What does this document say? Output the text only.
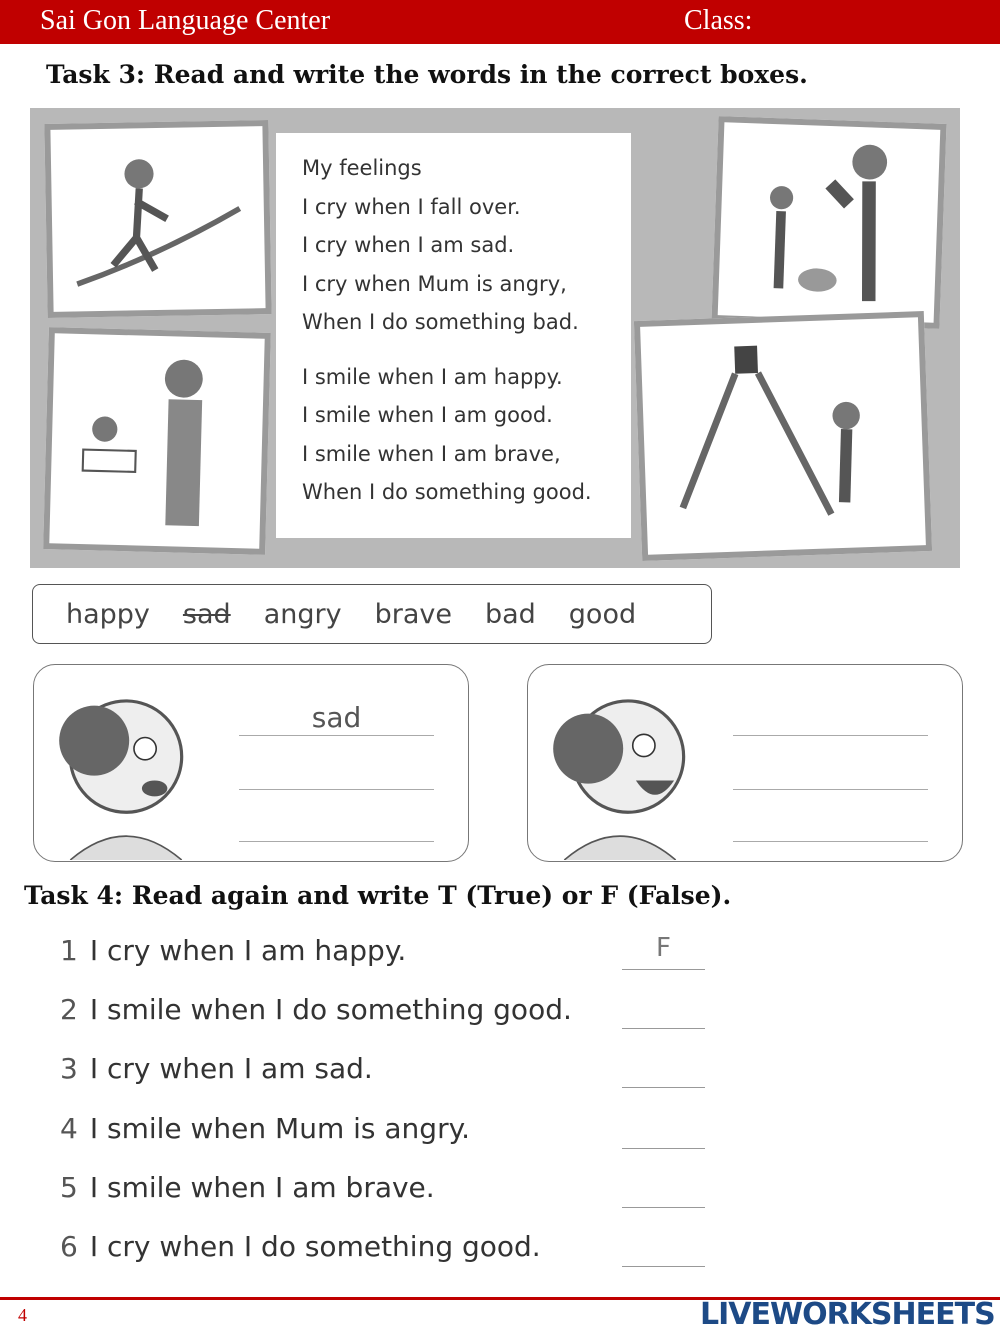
Sai Gon Language Center	Class:
Task 3: Read and write the words in the correct boxes.
My feelings
I cry when I fall over.
I cry when I am sad.
I cry when Mum is angry,
When I do something bad.
I smile when I am happy.
I smile when I am good.
I smile when I am brave,
When I do something good.
happy sad angry brave bad good
sad
Task 4: Read again and write T (True) or F (False).
1 I cry when I am happy.	F
2 I smile when I do something good.
3 I cry when I am sad.
4 I smile when Mum is angry.
5 I smile when I am brave.
6 I cry when I do something good.
4	LIVEWORKSHEETS
